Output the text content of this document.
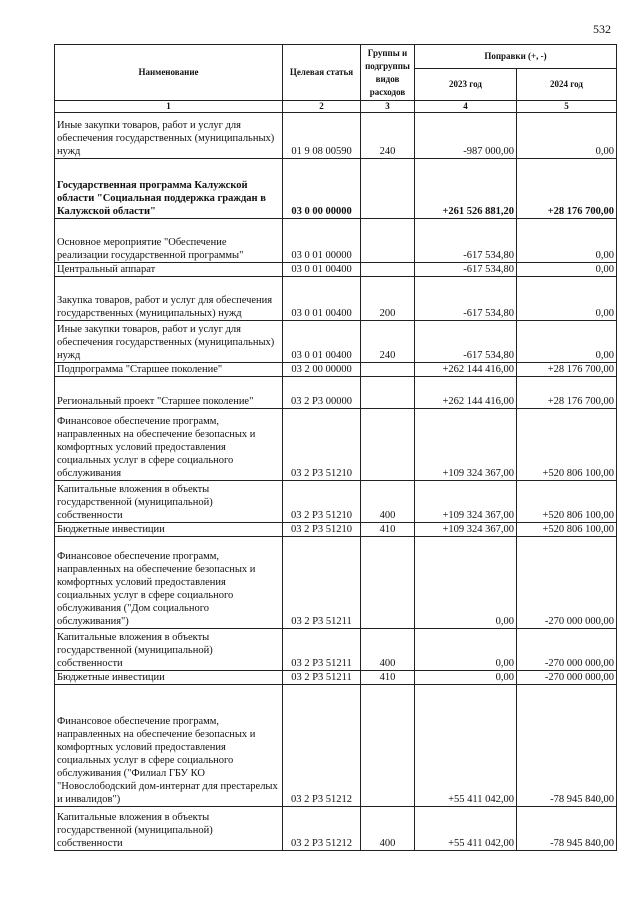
532
Наименование	Целевая статья	Группы и подгруппы видов расходов	Поправки (+, -)	
			2023 год	2024 год
1	2	3	4	5
Иные закупки товаров, работ и услуг для обеспечения государственных (муниципальных) нужд	01 9 08 00590	240	-987 000,00	0,00
Государственная программа Калужской области "Социальная поддержка граждан в Калужской области"	03 0 00 00000		+261 526 881,20	+28 176 700,00
Основное мероприятие "Обеспечение реализации государственной программы"	03 0 01 00000		-617 534,80	0,00
Центральный аппарат	03 0 01 00400		-617 534,80	0,00
Закупка товаров, работ и услуг для обеспечения государственных (муниципальных) нужд	03 0 01 00400	200	-617 534,80	0,00
Иные закупки товаров, работ и услуг для обеспечения государственных (муниципальных) нужд	03 0 01 00400	240	-617 534,80	0,00
Подпрограмма "Старшее поколение"	03 2 00 00000		+262 144 416,00	+28 176 700,00
Региональный проект "Старшее поколение"	03 2 P3 00000		+262 144 416,00	+28 176 700,00
Финансовое обеспечение программ, направленных на обеспечение безопасных и комфортных условий предоставления социальных услуг в сфере социального обслуживания	03 2 P3 51210		+109 324 367,00	+520 806 100,00
Капитальные вложения в объекты государственной (муниципальной) собственности	03 2 P3 51210	400	+109 324 367,00	+520 806 100,00
Бюджетные инвестиции	03 2 P3 51210	410	+109 324 367,00	+520 806 100,00
Финансовое обеспечение программ, направленных на обеспечение безопасных и комфортных условий предоставления социальных услуг в сфере социального обслуживания ("Дом социального обслуживания")	03 2 P3 51211		0,00	-270 000 000,00
Капитальные вложения в объекты государственной (муниципальной) собственности	03 2 P3 51211	400	0,00	-270 000 000,00
Бюджетные инвестиции	03 2 P3 51211	410	0,00	-270 000 000,00
Финансовое обеспечение программ, направленных на обеспечение безопасных и комфортных условий предоставления социальных услуг в сфере социального обслуживания ("Филиал ГБУ КО "Новослободский дом-интернат для престарелых и инвалидов")	03 2 P3 51212		+55 411 042,00	-78 945 840,00
Капитальные вложения в объекты государственной (муниципальной) собственности	03 2 P3 51212	400	+55 411 042,00	-78 945 840,00
